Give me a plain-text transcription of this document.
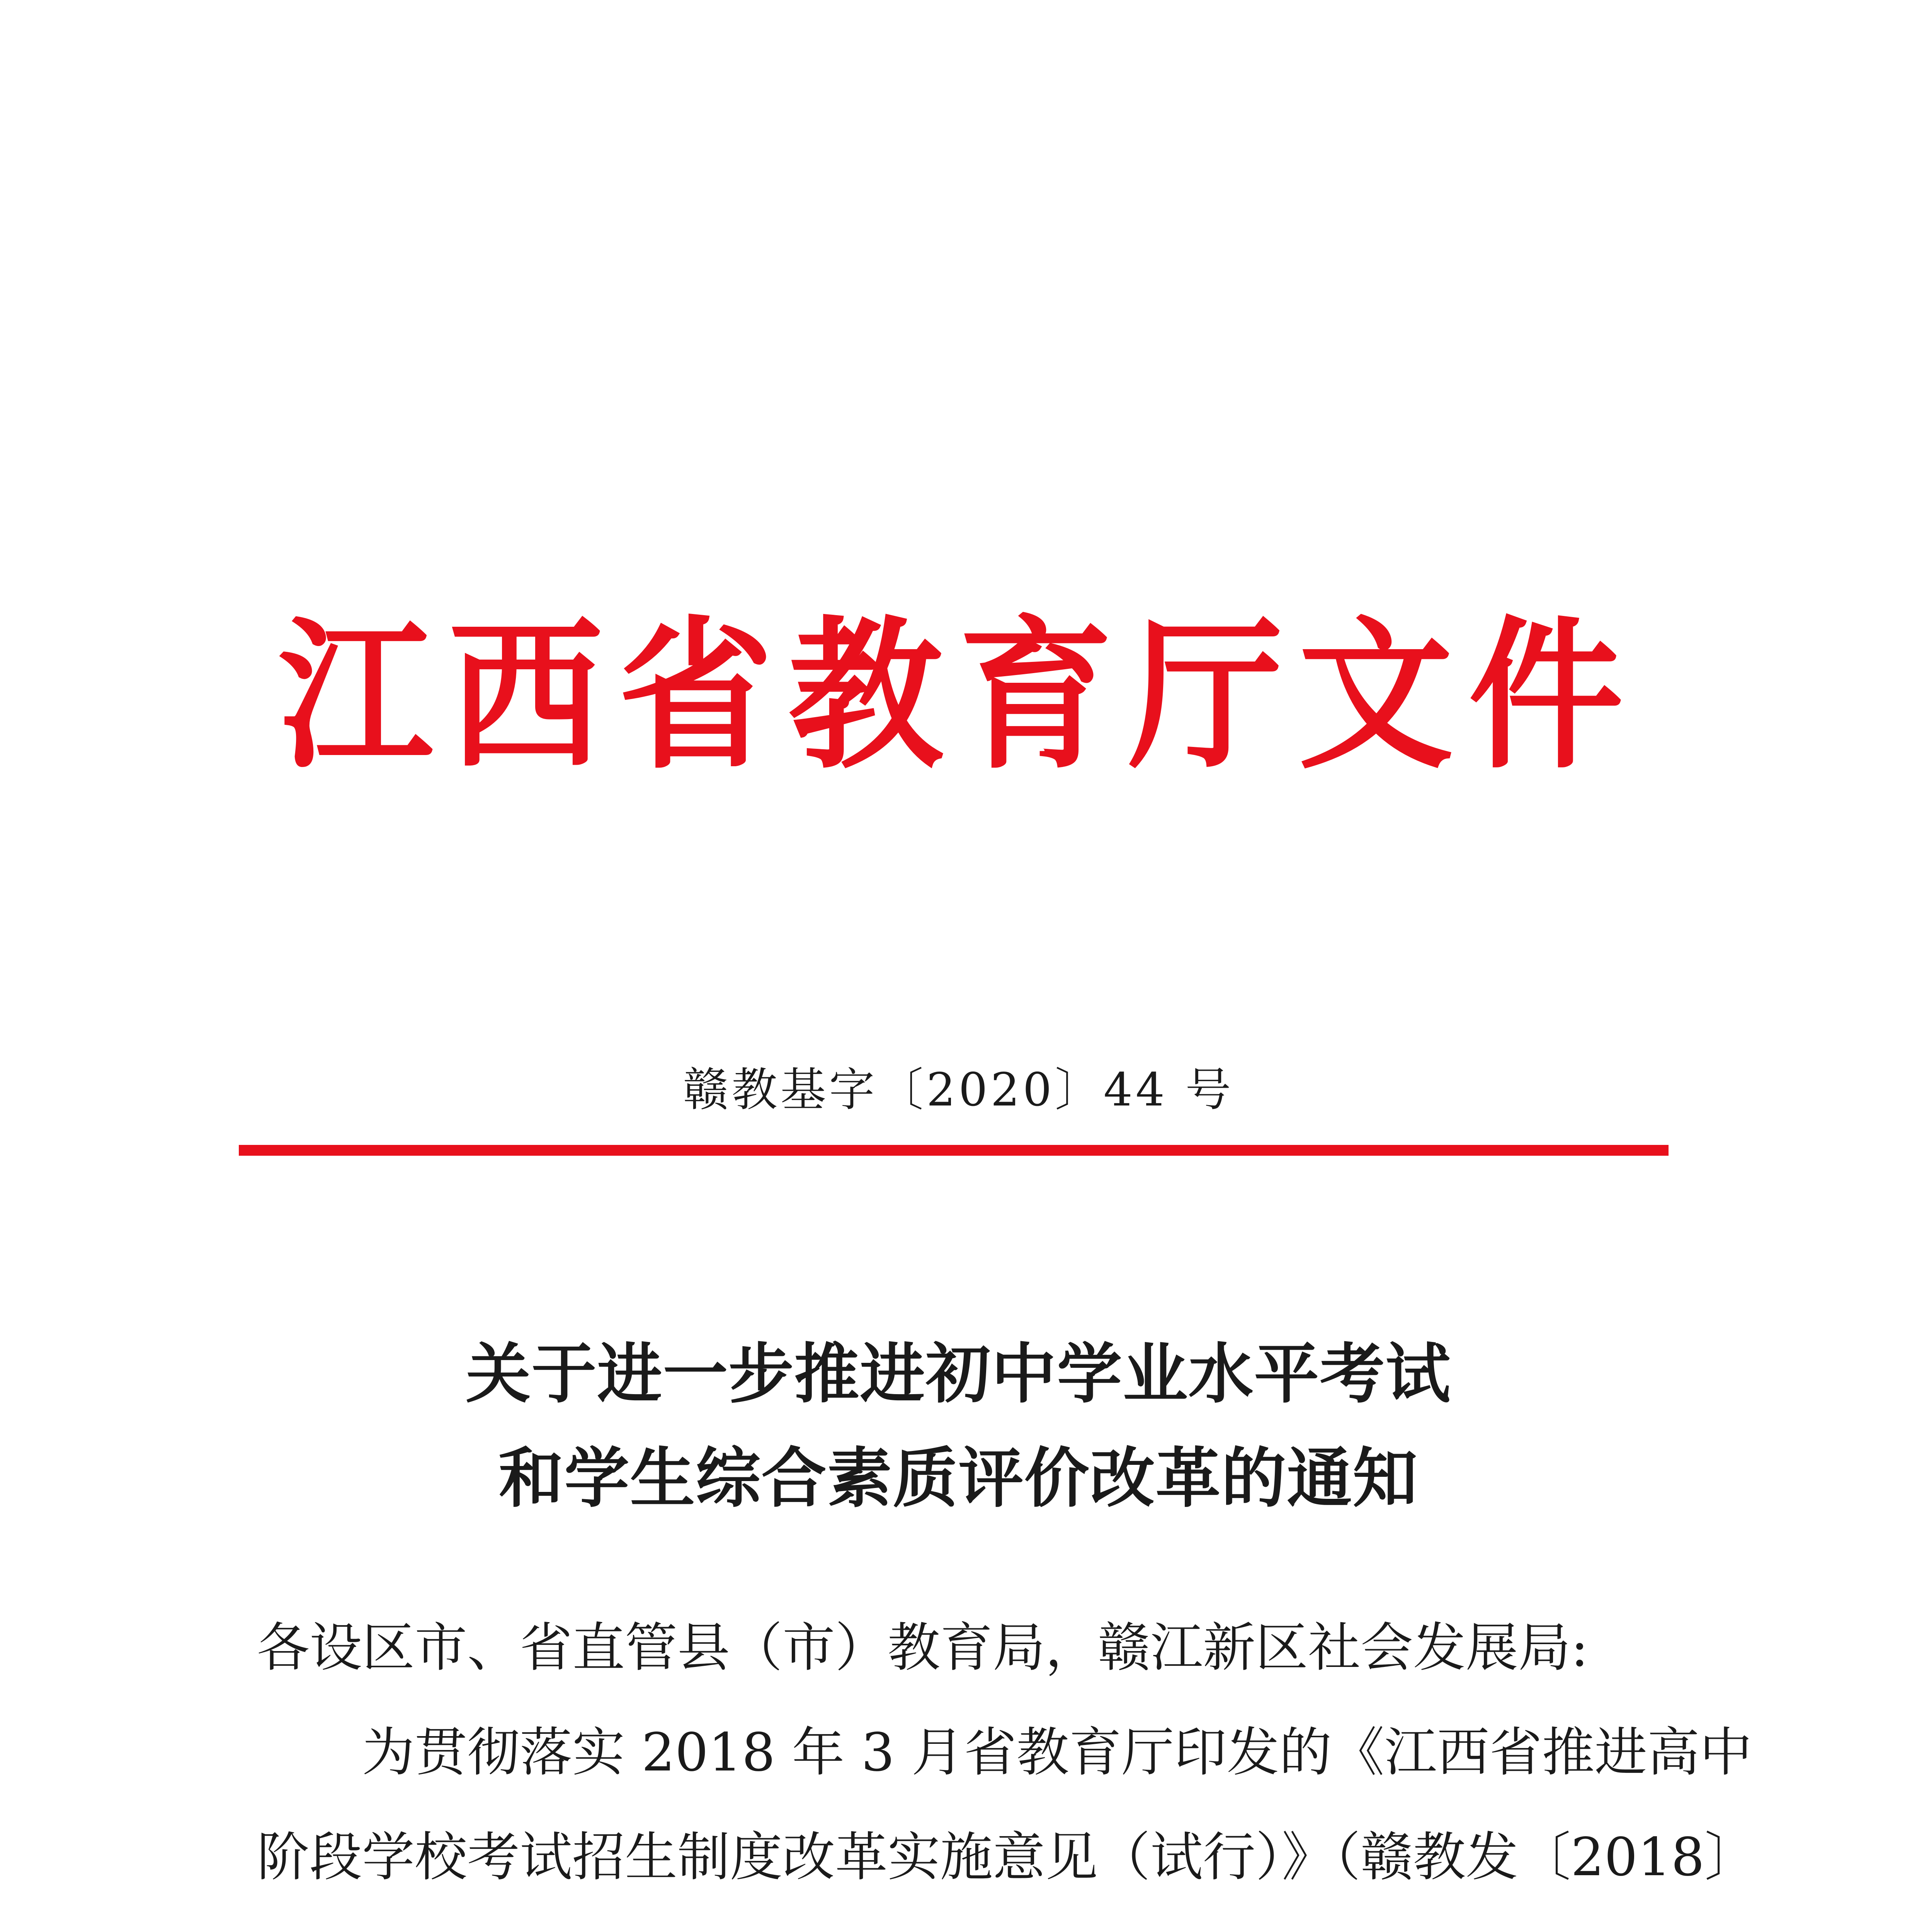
江西省教育厅文件
赣教基字〔2020〕44 号
关于进一步推进初中学业水平考试
和学生综合素质评价改革的通知
各设区市、省直管县（市）教育局，赣江新区社会发展局:
为贯彻落实 2018 年 3 月省教育厅印发的《江西省推进高中
阶段学校考试招生制度改革实施意见（试行）》（赣教发〔2018〕
